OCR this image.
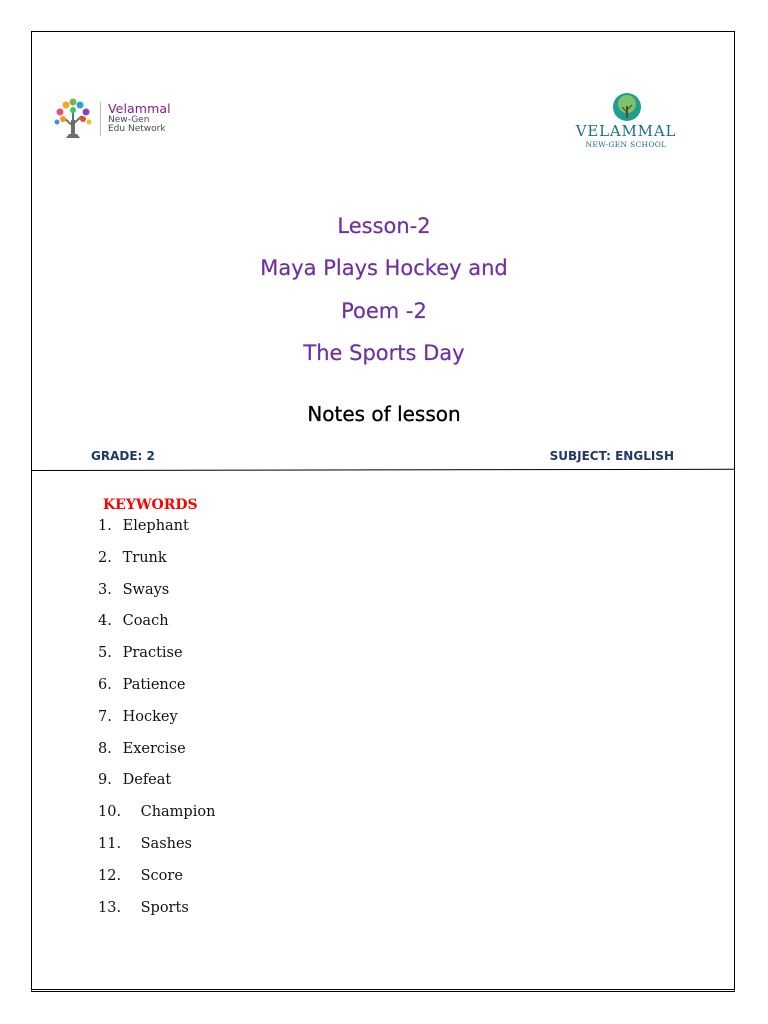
Velammal
New-Gen
Edu Network	VELAMMAL
NEW-GEN SCHOOL
Lesson-2
Maya Plays Hockey and
Poem -2
The Sports Day
Notes of lesson
GRADE: 2	SUBJECT: ENGLISH
KEYWORDS
1. Elephant
2. Trunk
3. Sways
4. Coach
5. Practise
6. Patience
7. Hockey
8. Exercise
9. Defeat
10. Champion
11. Sashes
12. Score
13. Sports
